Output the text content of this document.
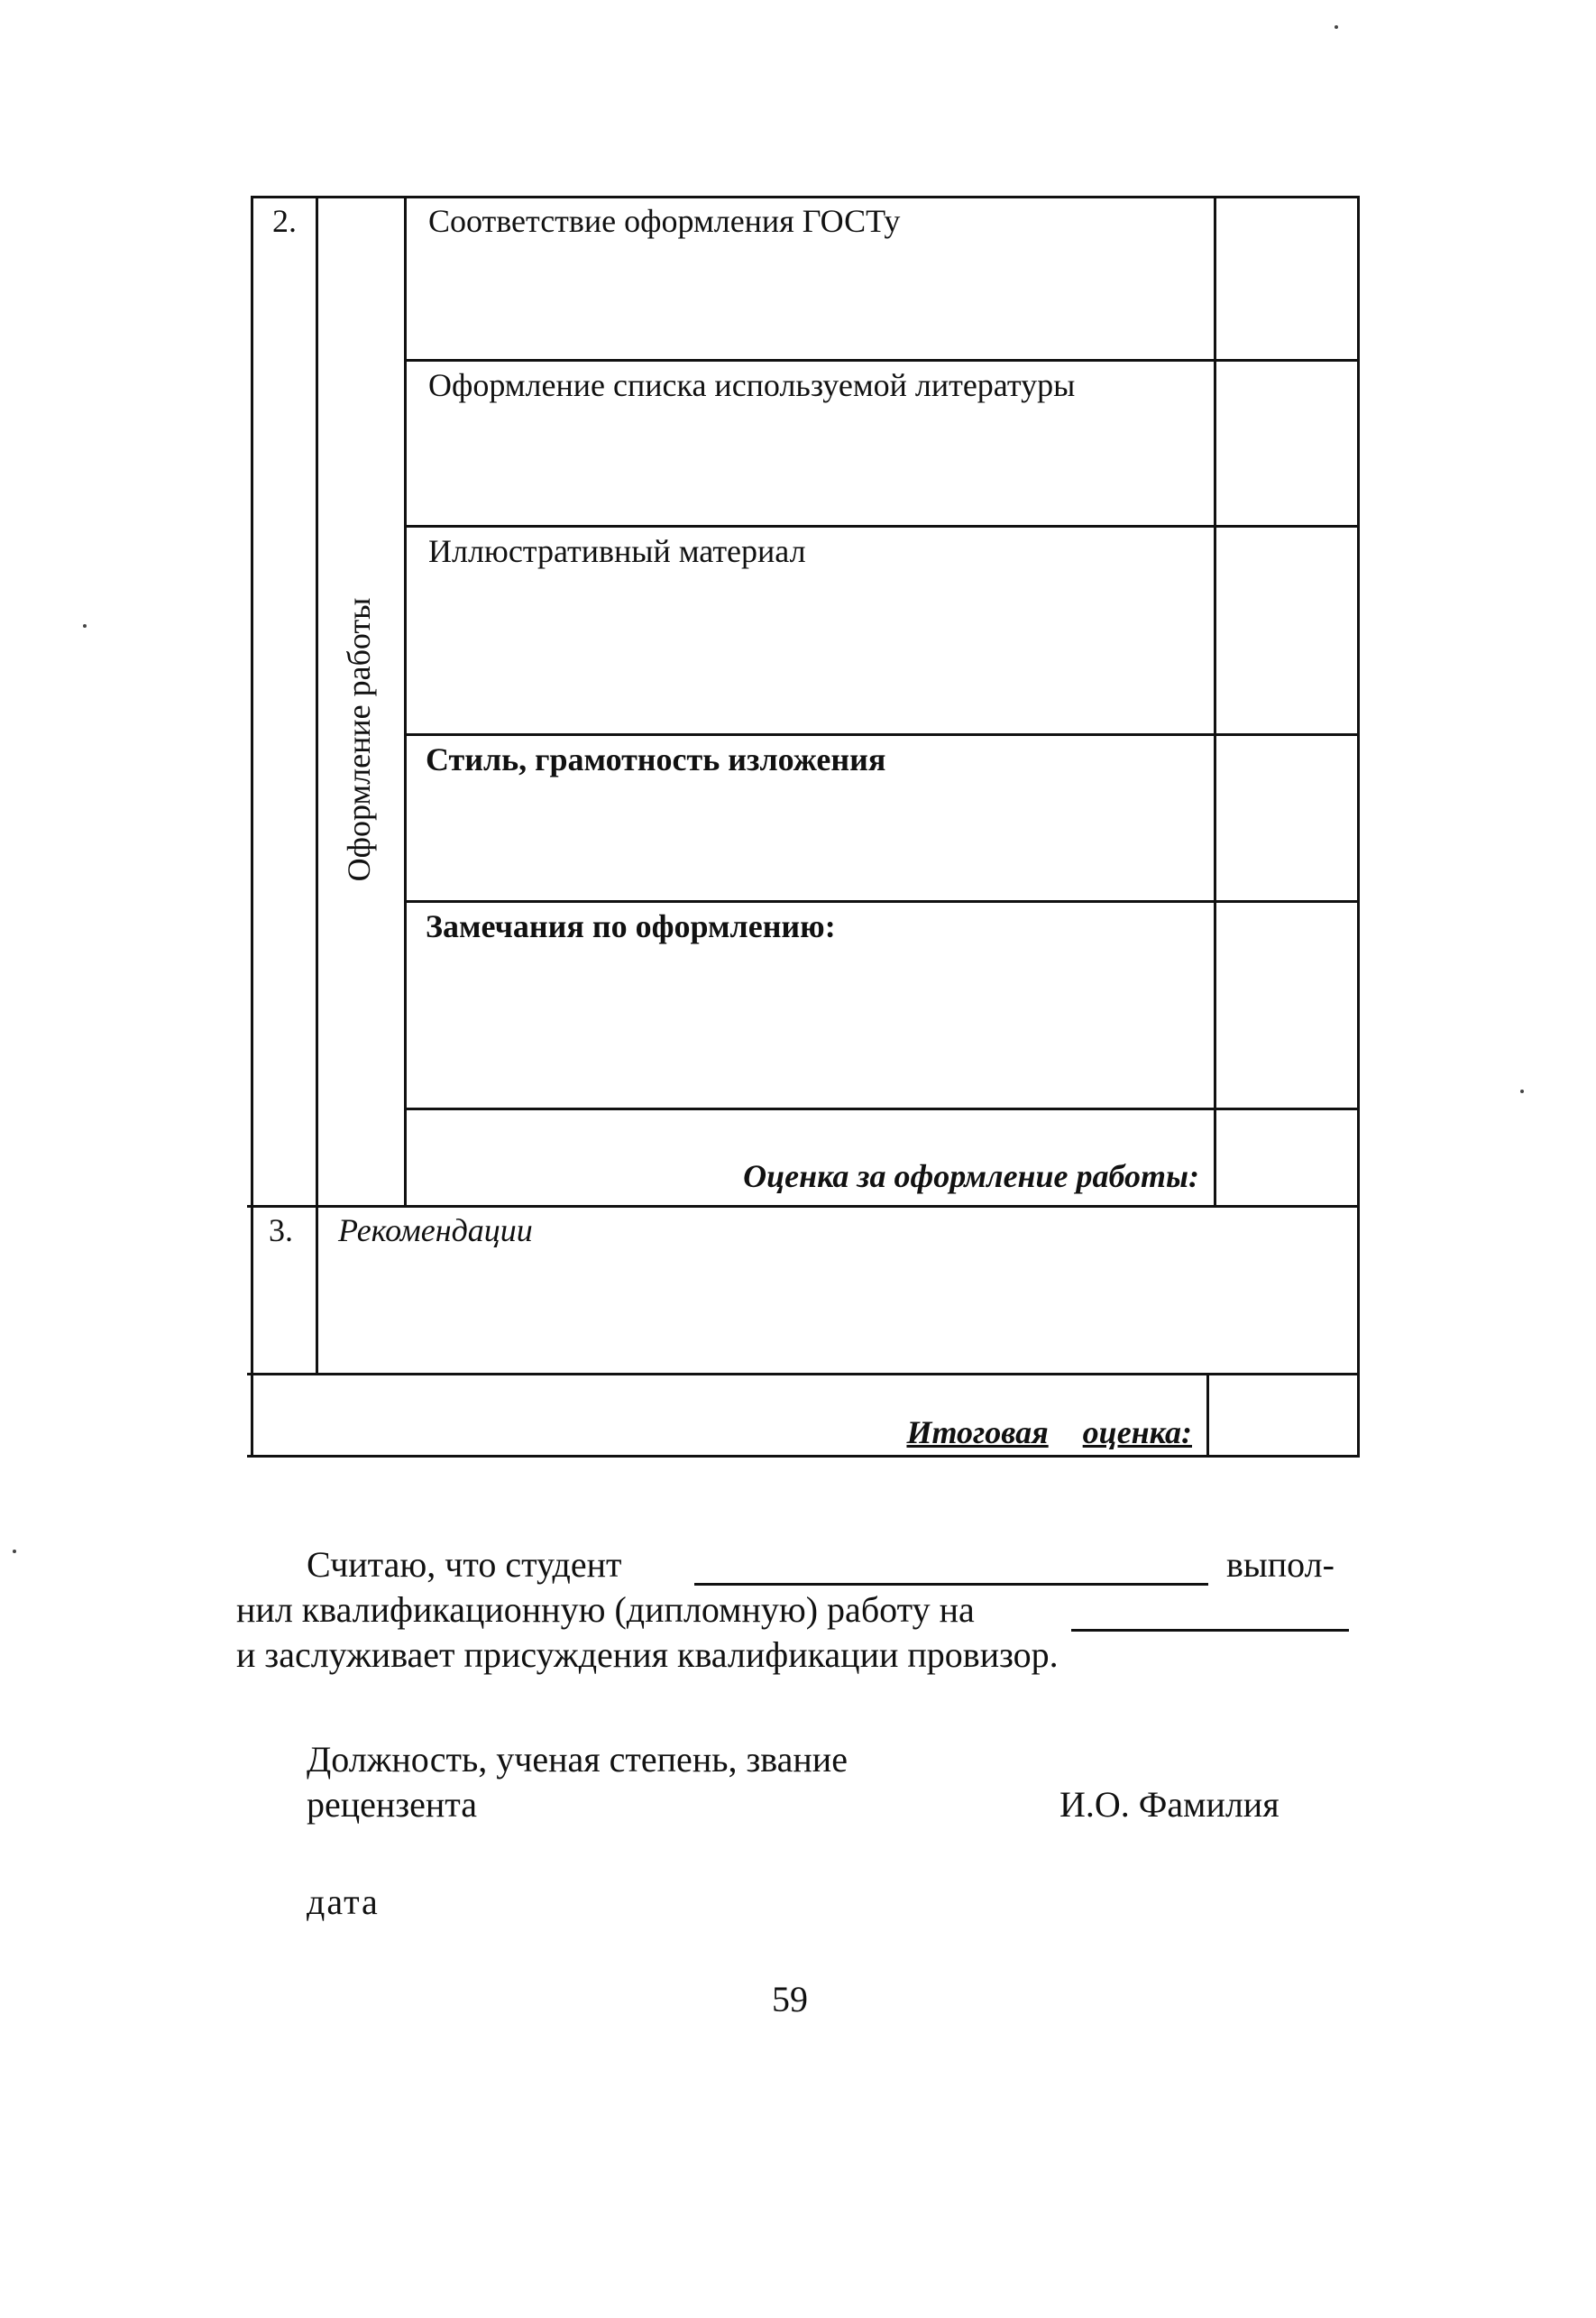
2.
Оформление работы
Соответствие оформления ГОСТу
Оформление списка используемой литературы
Иллюстративный материал
Стиль, грамотность изложения
Замечания по оформлению:
Оценка за оформление работы:
3. Рекомендации
Итоговая оценка:
Считаю, что студент	выпол-
нил квалификационную (дипломную) работу на
и заслуживает присуждения квалификации провизор.
Должность, ученая степень, звание
рецензента	И.О. Фамилия
дата
59
